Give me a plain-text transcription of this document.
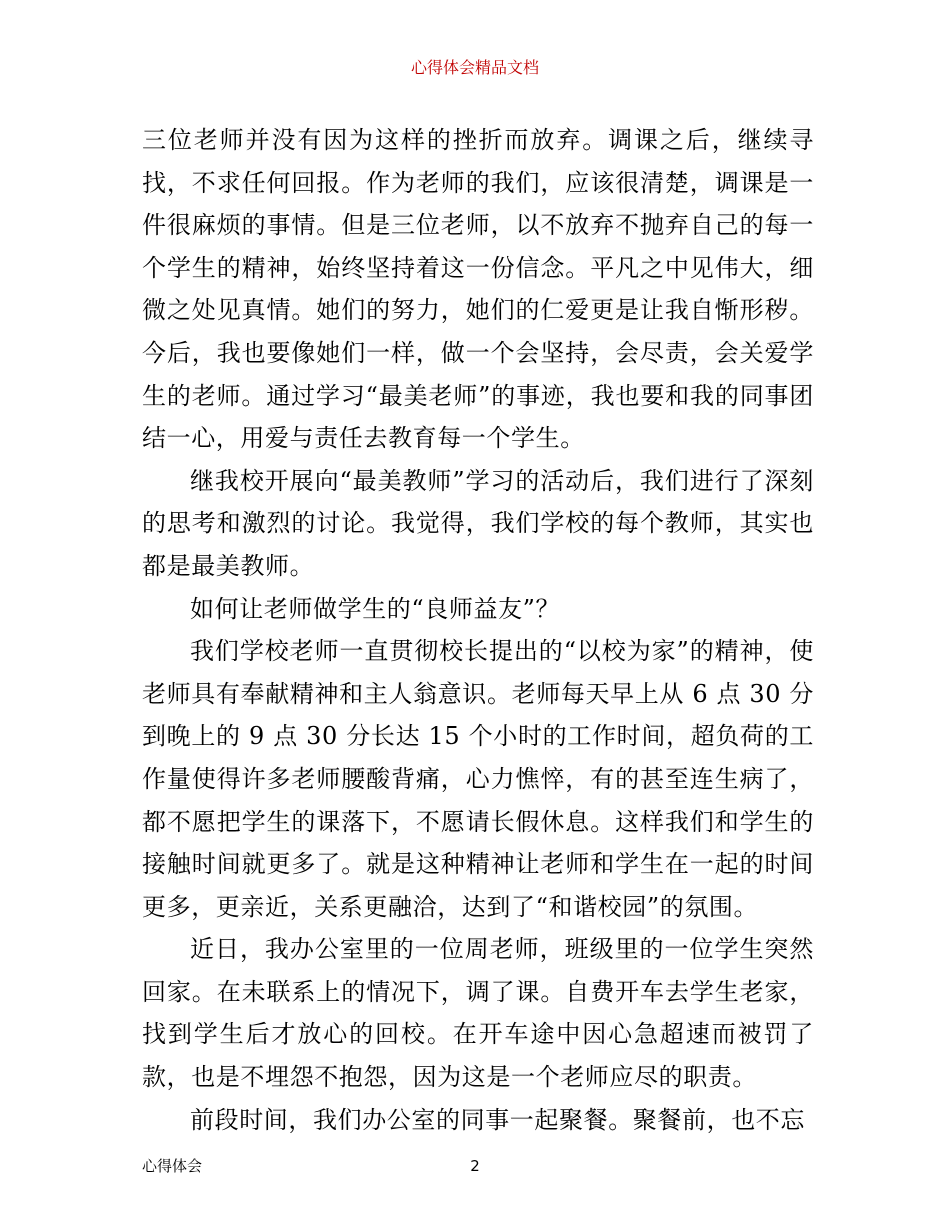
心得体会精品文档

三位老师并没有因为这样的挫折而放弃。调课之后，继续寻找，不求任何回报。作为老师的我们，应该很清楚，调课是一件很麻烦的事情。但是三位老师，以不放弃不抛弃自己的每一个学生的精神，始终坚持着这一份信念。平凡之中见伟大，细微之处见真情。她们的努力，她们的仁爱更是让我自惭形秽。今后，我也要像她们一样，做一个会坚持，会尽责，会关爱学生的老师。通过学习“最美老师”的事迹，我也要和我的同事团结一心，用爱与责任去教育每一个学生。

继我校开展向“最美教师”学习的活动后，我们进行了深刻的思考和激烈的讨论。我觉得，我们学校的每个教师，其实也都是最美教师。

如何让老师做学生的“良师益友”？

我们学校老师一直贯彻校长提出的“以校为家”的精神，使老师具有奉献精神和主人翁意识。老师每天早上从 6 点 30 分到晚上的 9 点 30 分长达 15 个小时的工作时间，超负荷的工作量使得许多老师腰酸背痛，心力憔悴，有的甚至连生病了，都不愿把学生的课落下，不愿请长假休息。这样我们和学生的接触时间就更多了。就是这种精神让老师和学生在一起的时间更多，更亲近，关系更融洽，达到了“和谐校园”的氛围。

近日，我办公室里的一位周老师，班级里的一位学生突然回家。在未联系上的情况下，调了课。自费开车去学生老家，找到学生后才放心的回校。在开车途中因心急超速而被罚了款，也是不埋怨不抱怨，因为这是一个老师应尽的职责。

前段时间，我们办公室的同事一起聚餐。聚餐前，也不忘

心得体会	2
